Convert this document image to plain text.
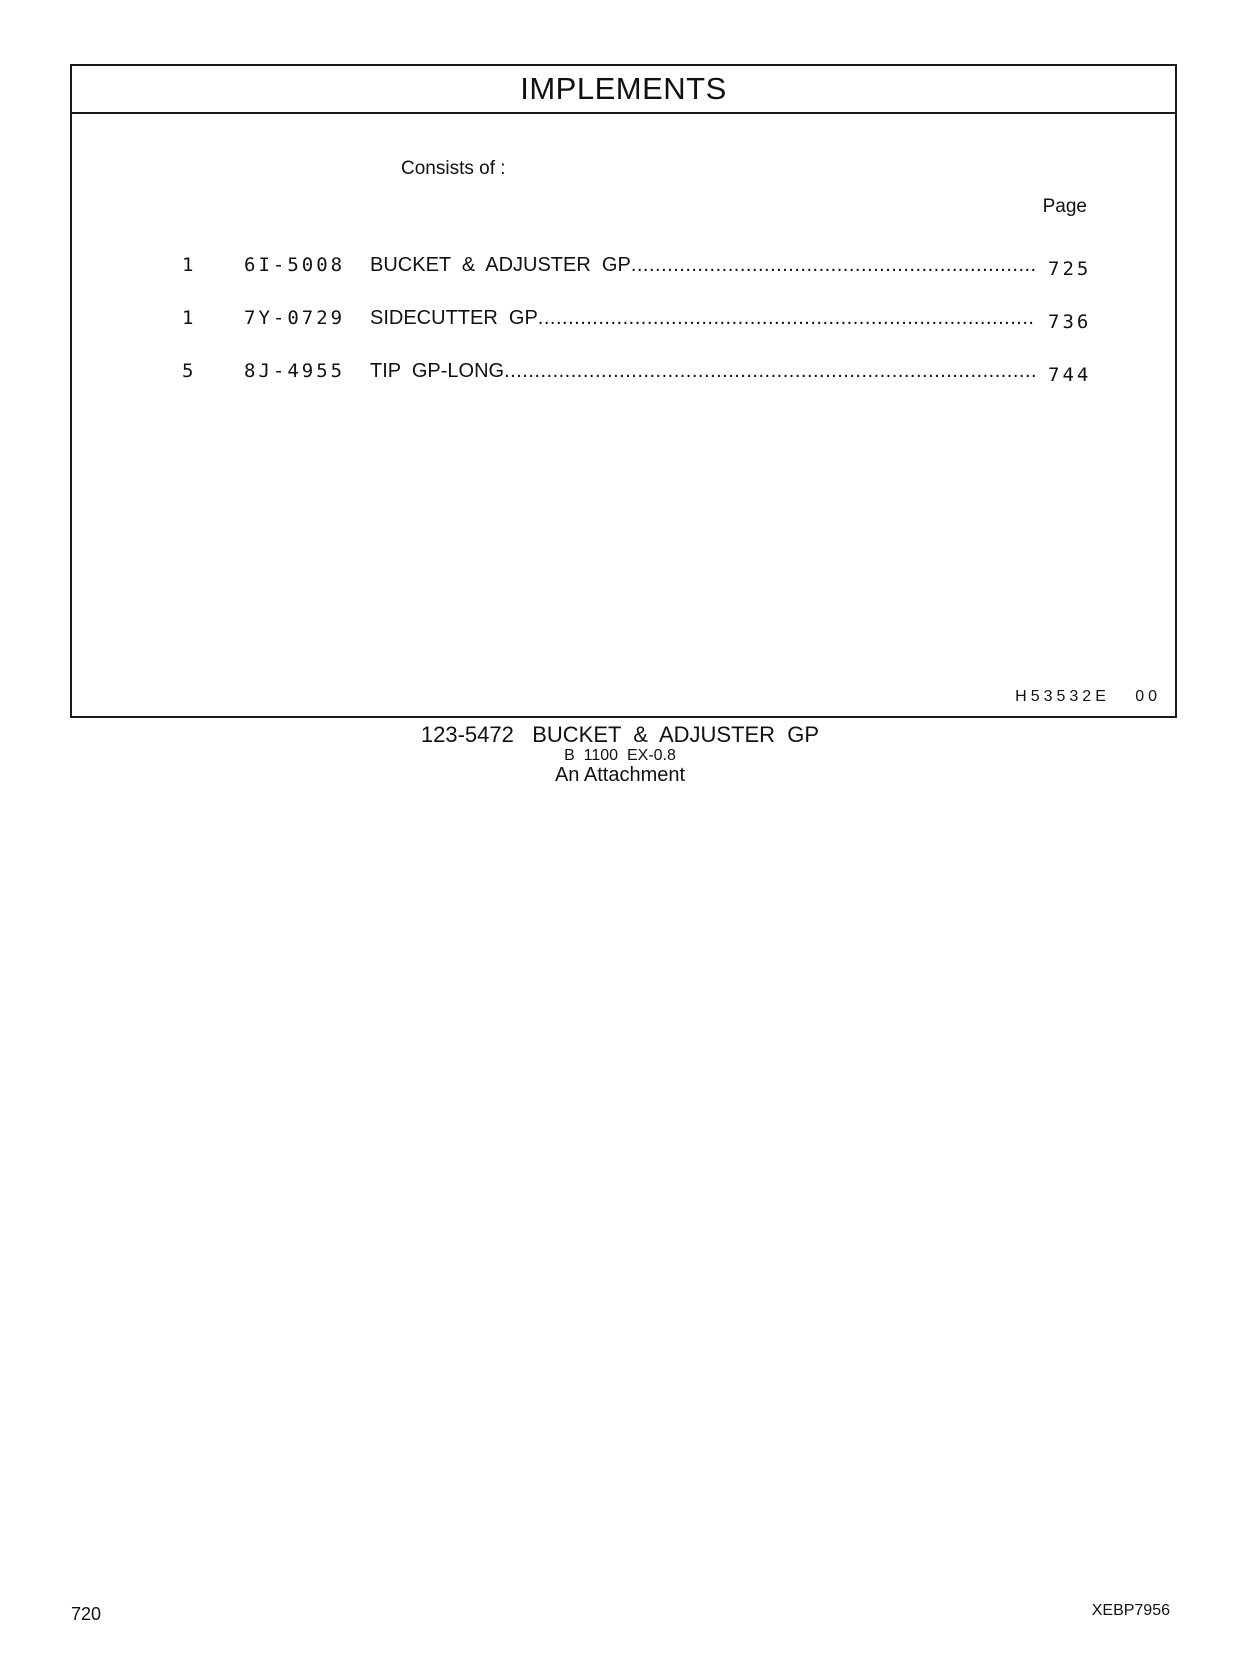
IMPLEMENTS
Consists of :
Page
1	6I-5008 BUCKET  &  ADJUSTER  GP .....	725
1	7Y-0729 SIDECUTTER  GP .....	736
5	8J-4955 TIP  GP-LONG .....	744
H53532E   00
123-5472   BUCKET  &  ADJUSTER  GP
B  1100  EX-0.8
An Attachment
720	XEBP7956
